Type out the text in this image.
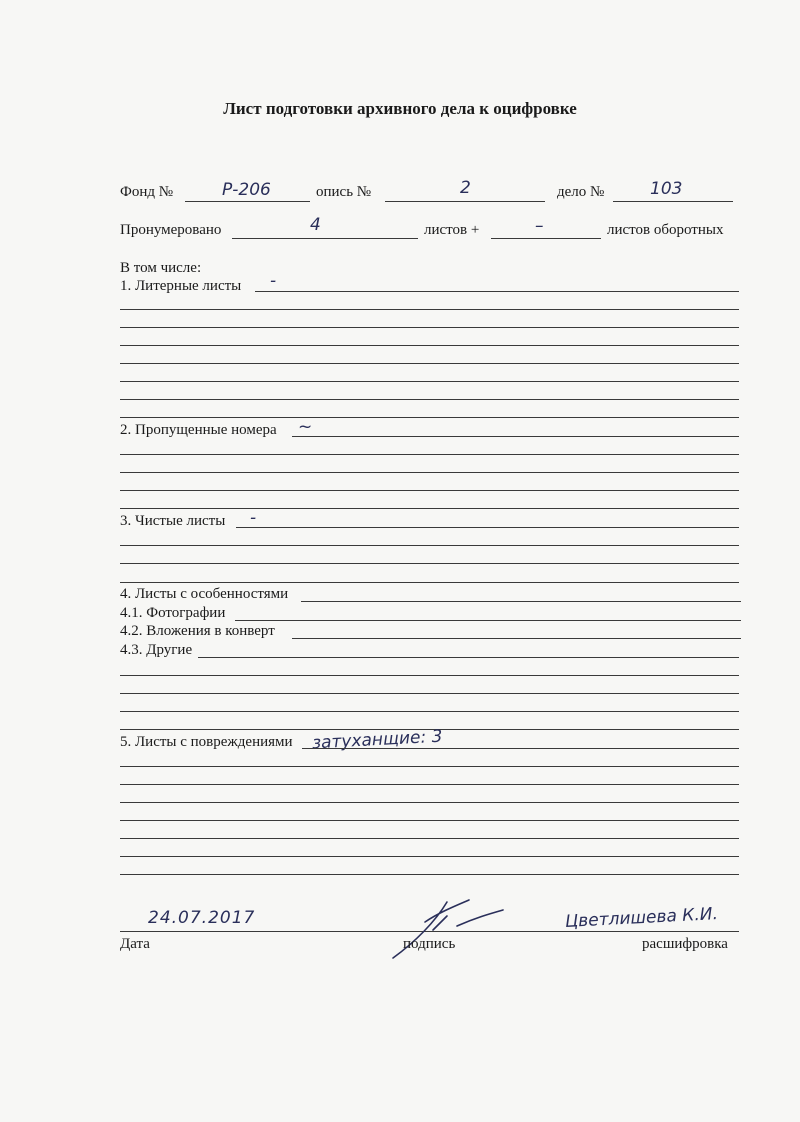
Лист подготовки архивного дела к оцифровке
Фонд №	Р-206	опись №	2	дело №	103
Пронумеровано	4	листов +	–	листов оборотных
В том числе:
1. Литерные листы -
2. Пропущенные номера ~
3. Чистые листы -
4. Листы с особенностями
4.1. Фотографии
4.2. Вложения в конверт
4.3. Другие
5. Листы с повреждениями затуханщие: 3
24.07.2017	Цветлишева К.И.
Дата	подпись	расшифровка
